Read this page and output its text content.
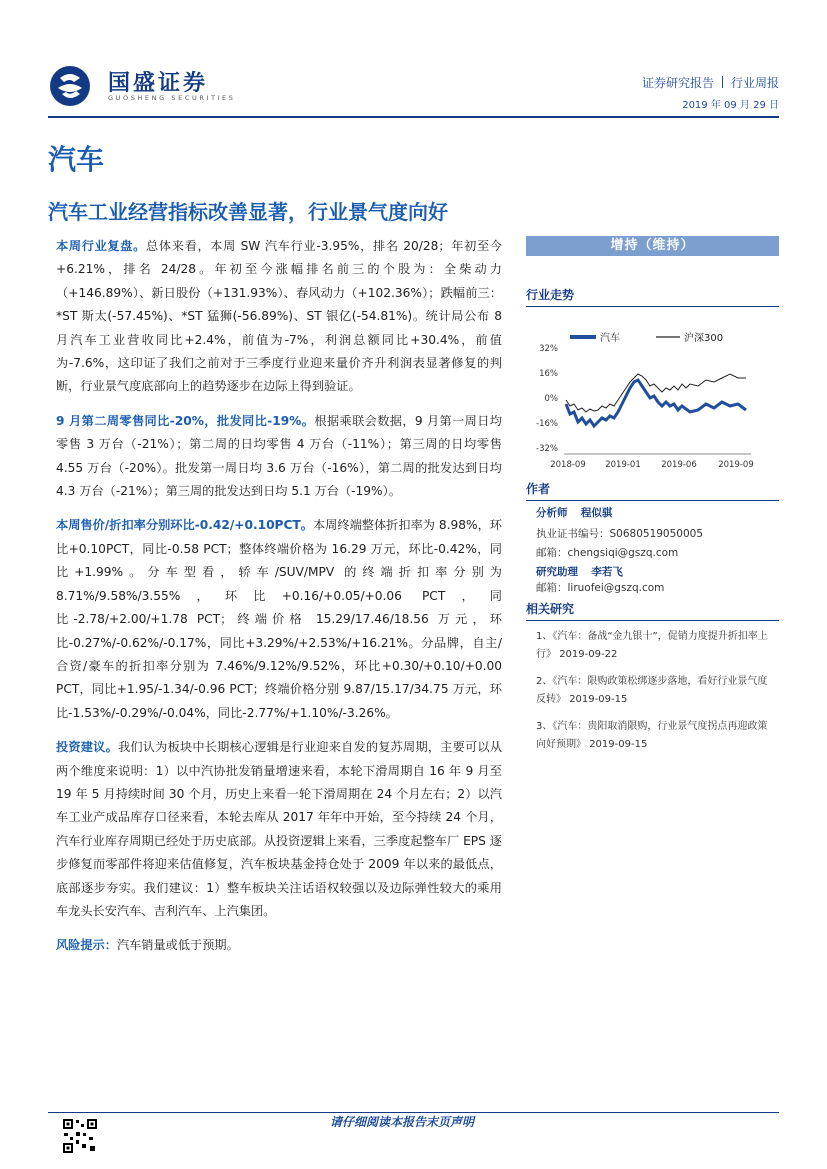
国盛证券
GUOSHENG SECURITIES
证券研究报告 行业周报
2019 年 09 月 29 日
汽车
汽车工业经营指标改善显著，行业景气度向好

本周行业复盘。总体来看，本周 SW 汽车行业-3.95%，排名 20/28；年初至今+6.21%，排名 24/28。年初至今涨幅排名前三的个股为：全柴动力（+146.89%）、新日股份（+131.93%）、春风动力（+102.36%）；跌幅前三：*ST 斯太(-57.45%)、*ST 猛狮(-56.89%)、ST 银亿(-54.81%)。统计局公布 8 月汽车工业营收同比+2.4%，前值为-7%，利润总额同比+30.4%，前值为-7.6%，这印证了我们之前对于三季度行业迎来量价齐升利润表显著修复的判断，行业景气度底部向上的趋势逐步在边际上得到验证。

9 月第二周零售同比-20%，批发同比-19%。根据乘联会数据，9 月第一周日均零售 3 万台（-21%）；第二周的日均零售 4 万台（-11%）；第三周的日均零售 4.55 万台（-20%）。批发第一周日均 3.6 万台（-16%），第二周的批发达到日均 4.3 万台（-21%）；第三周的批发达到日均 5.1 万台（-19%）。

本周售价/折扣率分别环比-0.42/+0.10PCT。本周终端整体折扣率为 8.98%，环比+0.10PCT，同比-0.58 PCT；整体终端价格为 16.29 万元，环比-0.42%，同比+1.99%。分车型看，轿车/SUV/MPV 的终端折扣率分别为 8.71%/9.58%/3.55%，环比+0.16/+0.05/+0.06 PCT，同比-2.78/+2.00/+1.78 PCT；终端价格 15.29/17.46/18.56 万元，环比-0.27%/-0.62%/-0.17%，同比+3.29%/+2.53%/+16.21%。分品牌，自主/合资/豪车的折扣率分别为 7.46%/9.12%/9.52%，环比+0.30/+0.10/+0.00 PCT，同比+1.95/-1.34/-0.96 PCT；终端价格分别 9.87/15.17/34.75 万元，环比-1.53%/-0.29%/-0.04%，同比-2.77%/+1.10%/-3.26%。

投资建议。我们认为板块中长期核心逻辑是行业迎来自发的复苏周期，主要可以从两个维度来说明：1）以中汽协批发销量增速来看，本轮下滑周期自 16 年 9 月至 19 年 5 月持续时间 30 个月，历史上来看一轮下滑周期在 24 个月左右；2）以汽车工业产成品库存口径来看，本轮去库从 2017 年年中开始，至今持续 24 个月，汽车行业库存周期已经处于历史底部。从投资逻辑上来看，三季度起整车厂 EPS 逐步修复而零部件将迎来估值修复，汽车板块基金持仓处于 2009 年以来的最低点，底部逐步夯实。我们建议：1）整车板块关注话语权较强以及边际弹性较大的乘用车龙头长安汽车、吉利汽车、上汽集团。

风险提示：汽车销量或低于预期。

增持（维持）
行业走势
汽车	沪深300
32%
16%
0%
-16%
-32%
2018-09 2019-01 2019-06	2019-09
作者
分析师 程似骐
执业证书编号：S0680519050005
邮箱：chengsiqi@gszq.com
研究助理 李若飞
邮箱：liruofei@gszq.com
相关研究
1、《汽车：备战“金九银十”，促销力度提升折扣率上行》 2019-09-22
2、《汽车：限购政策松绑逐步落地，看好行业景气度反转》 2019-09-15
3、《汽车：贵阳取消限购，行业景气度拐点再迎政策向好预期》 2019-09-15
请仔细阅读本报告末页声明
